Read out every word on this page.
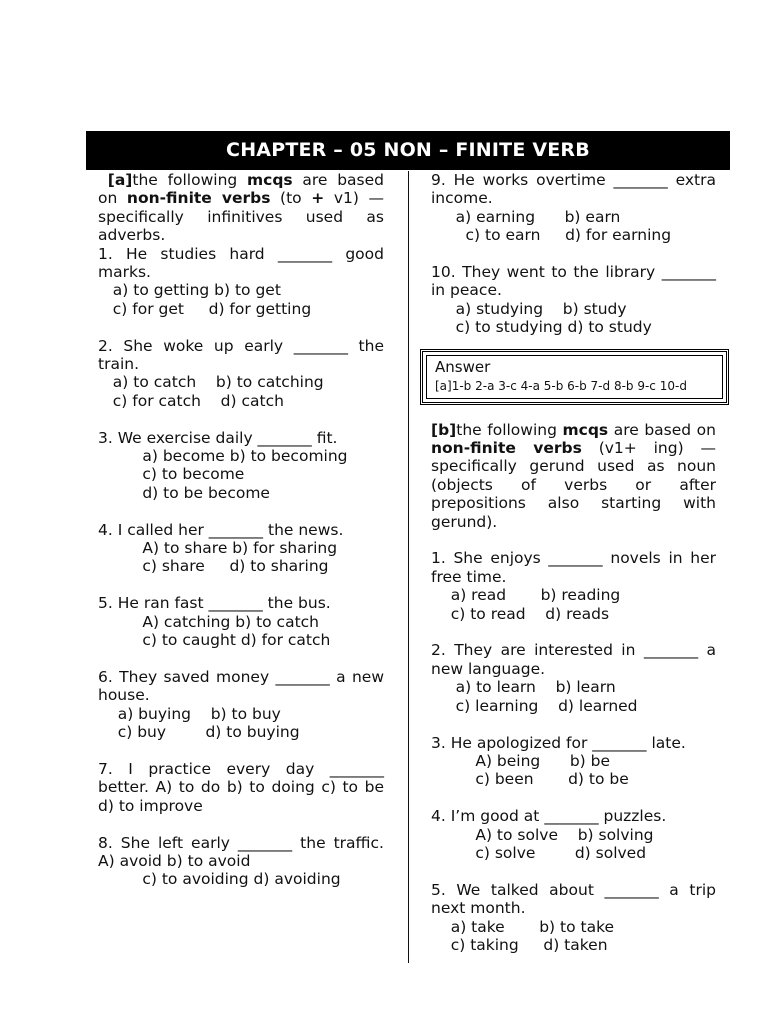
CHAPTER – 05 NON – FINITE VERB
[a]the following mcqs are based on non-finite verbs (to + v1) — specifically infinitives used as adverbs.
1. He studies hard _______ good marks.
a) to getting b) to get
c) for get     d) for getting
2. She woke up early _______ the train.
a) to catch    b) to catching
c) for catch    d) catch
3. We exercise daily _______ fit.
a) become b) to becoming
c) to become
d) to be become
4. I called her _______ the news.
A) to share b) for sharing
c) share     d) to sharing
5. He ran fast _______ the bus.
A) catching b) to catch
c) to caught d) for catch
6. They saved money _______ a new house.
a) buying    b) to buy
c) buy        d) to buying
7. I practice every day _______ better. A) to do b) to doing c) to be d) to improve
8. She left early _______ the traffic. A) avoid b) to avoid
c) to avoiding d) avoiding
9. He works overtime _______ extra income.
a) earning      b) earn
c) to earn     d) for earning
10. They went to the library _______ in peace.
a) studying    b) study
c) to studying d) to study
Answer
[a]1-b 2-a 3-c 4-a 5-b 6-b 7-d 8-b 9-c 10-d
[b]the following mcqs are based on non-finite verbs (v1+ ing) — specifically gerund used as noun (objects of verbs or after prepositions also starting with gerund).
1. She enjoys _______ novels in her free time.
a) read       b) reading
c) to read    d) reads
2. They are interested in _______ a new language.
a) to learn    b) learn
c) learning    d) learned
3. He apologized for _______ late.
A) being      b) be
c) been       d) to be
4. I’m good at _______ puzzles.
A) to solve    b) solving
c) solve        d) solved
5. We talked about _______ a trip next month.
a) take       b) to take
c) taking     d) taken
